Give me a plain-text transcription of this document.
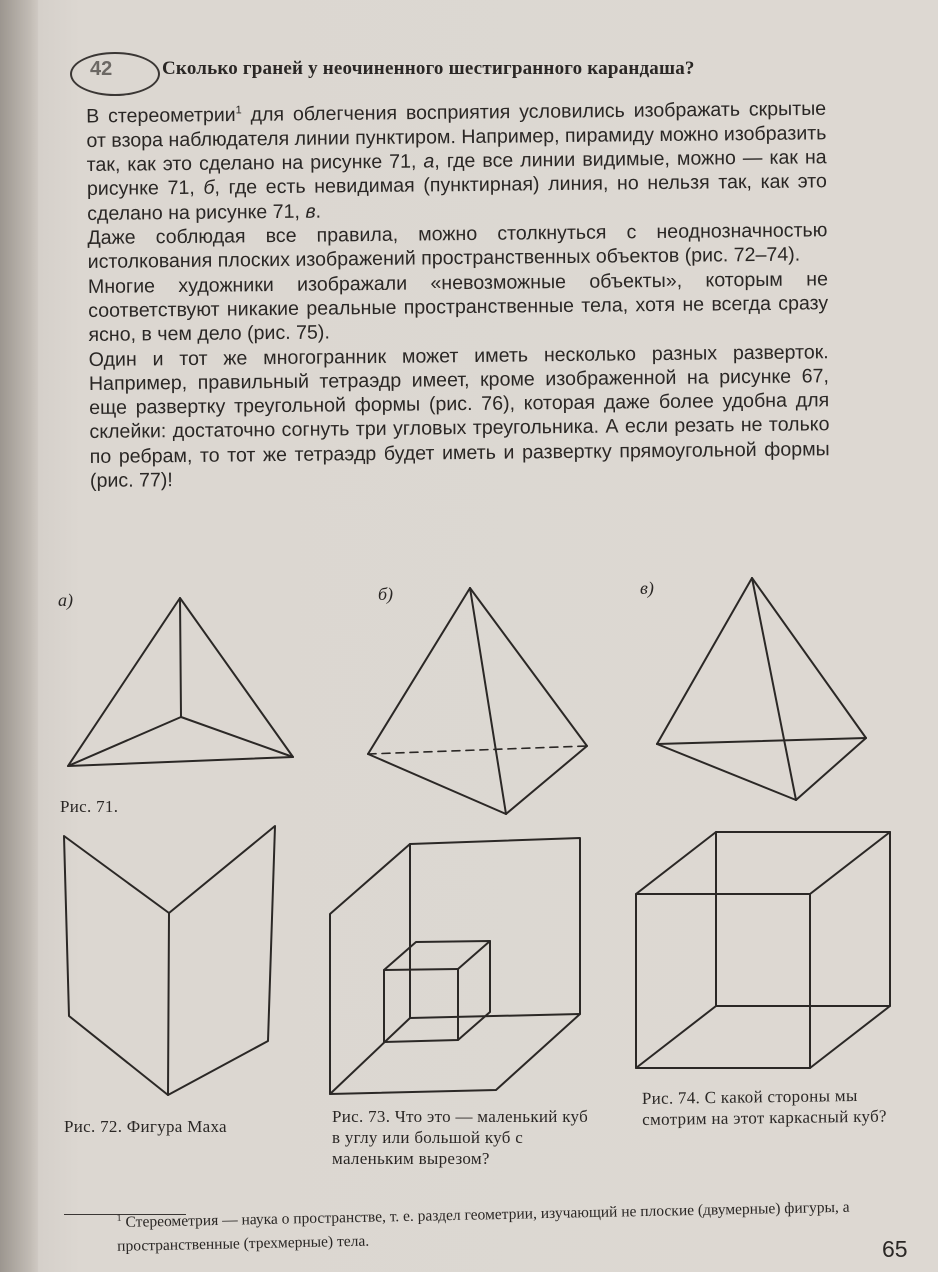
42	Сколько граней у неочиненного шестигранного карандаша?

В стереометрии$^1$ для облегчения восприятия условились изображать скрытые от взора наблюдателя линии пунктиром. Например, пирамиду можно изобразить так, как это сделано на рисунке 71, а, где все линии видимые, можно — как на рисунке 71, б, где есть невидимая (пунктирная) линия, но нельзя так, как это сделано на рисунке 71, в.

Даже соблюдая все правила, можно столкнуться с неоднозначностью истолкования плоских изображений пространственных объектов (рис. 72–74).

Многие художники изображали «невозможные объекты», которым не соответствуют никакие реальные пространственные тела, хотя не всегда сразу ясно, в чем дело (рис. 75).

Один и тот же многогранник может иметь несколько разных разверток. Например, правильный тетраэдр имеет, кроме изображенной на рисунке 67, еще развертку треугольной формы (рис. 76), которая даже более удобна для склейки: достаточно согнуть три угловых треугольника. А если резать не только по ребрам, то тот же тетраэдр будет иметь и развертку прямоугольной формы (рис. 77)!

а)	б)	в)
Рис. 71.
Рис. 72. Фигура Маха
Рис. 73. Что это — маленький куб в углу или большой куб с маленьким вырезом?
Рис. 74. С какой стороны мы смотрим на этот каркасный куб?
$^1$ Стереометрия — наука о пространстве, т. е. раздел геометрии, изучающий не плоские (двумерные) фигуры, а пространственные (трехмерные) тела.	65
